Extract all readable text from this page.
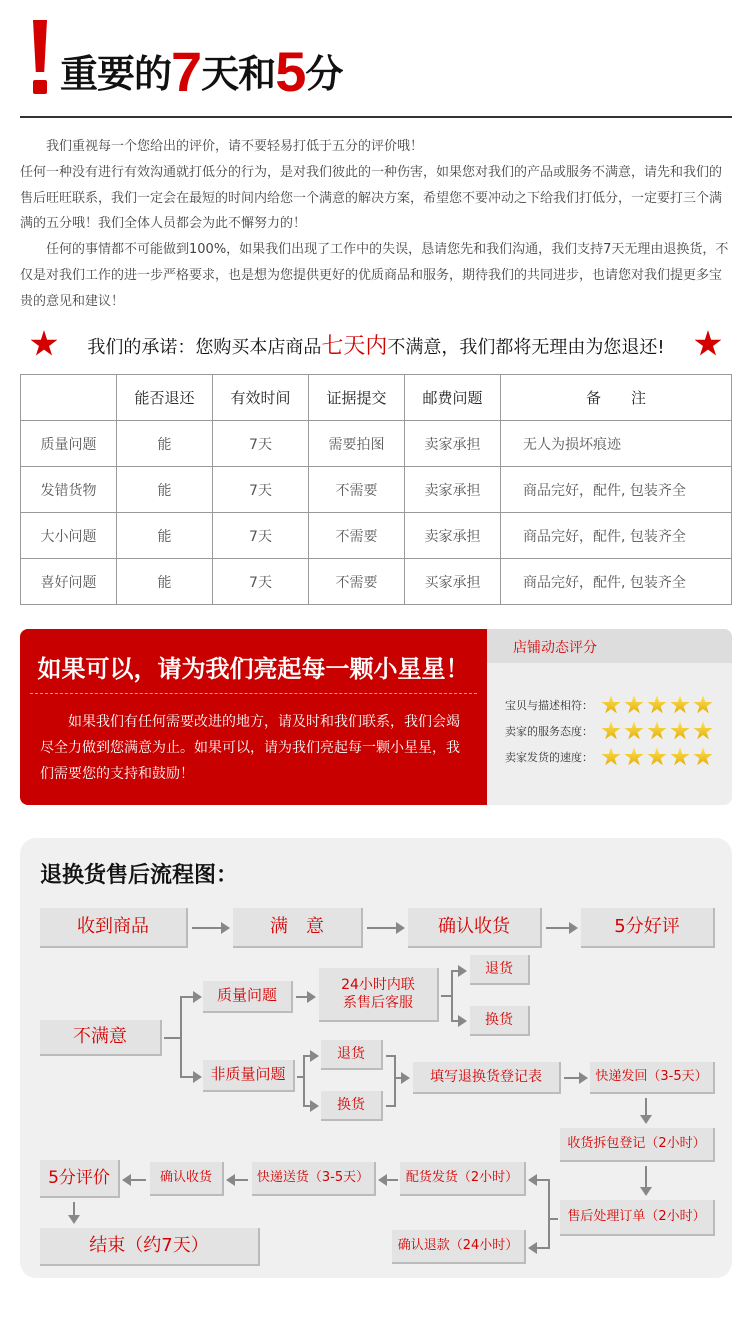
重要的7天和5分

　　我们重视每一个您给出的评价，请不要轻易打低于五分的评价哦！

任何一种没有进行有效沟通就打低分的行为，是对我们彼此的一种伤害，如果您对我们的产品或服务不满意，请先和我们的售后旺旺联系，我们一定会在最短的时间内给您一个满意的解决方案，希望您不要冲动之下给我们打低分，一定要打三个满满的五分哦！我们全体人员都会为此不懈努力的！

　　任何的事情都不可能做到100%，如果我们出现了工作中的失误，恳请您先和我们沟通，我们支持7天无理由退换货，不仅是对我们工作的进一步严格要求，也是想为您提供更好的优质商品和服务，期待我们的共同进步，也请您对我们提更多宝贵的意见和建议！

我们的承诺：您购买本店商品七天内不满意，我们都将无理由为您退还!
	能否退还	有效时间	证据提交	邮费问题	备　　注
质量问题	能	7天	需要拍图	卖家承担	无人为损坏痕迹
发错货物	能	7天	不需要	卖家承担	商品完好，配件, 包装齐全
大小问题	能	7天	不需要	卖家承担	商品完好，配件, 包装齐全
喜好问题	能	7天	不需要	买家承担	商品完好，配件, 包装齐全
如果可以，请为我们亮起每一颗小星星！
如果我们有任何需要改进的地方，请及时和我们联系，我们会竭尽全力做到您满意为止。如果可以，请为我们亮起每一颗小星星，我们需要您的支持和鼓励！
店铺动态评分
宝贝与描述相符：
卖家的服务态度：
卖家发货的速度：
退换货售后流程图：
收到商品	满　意	确认收货	5分好评
不满意
质量问题
24小时内联
系售后客服
退货
换货
非质量问题
退货
换货
填写退换货登记表	快递发回（3-5天）
收货拆包登记（2小时）
售后处理订单（2小时）
配货发货（2小时）
确认退款（24小时）
快递送货（3-5天）
确认收货
5分评价
结束（约7天）
